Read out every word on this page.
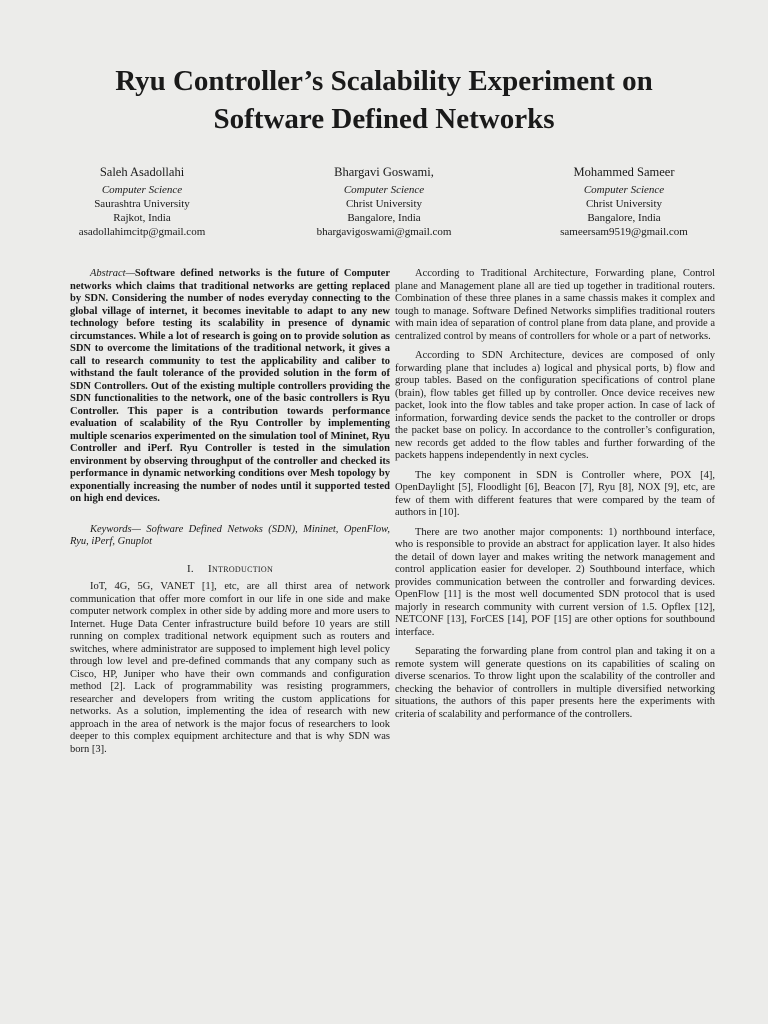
Ryu Controller’s Scalability Experiment on
Software Defined Networks
Saleh Asadollahi
Computer Science
Saurashtra University
Rajkot, India
asadollahimcitp@gmail.com
Bhargavi Goswami,
Computer Science
Christ University
Bangalore, India
bhargavigoswami@gmail.com
Mohammed Sameer
Computer Science
Christ University
Bangalore, India
sameersam9519@gmail.com

Abstract—Software defined networks is the future of Computer networks which claims that traditional networks are getting replaced by SDN. Considering the number of nodes everyday connecting to the global village of internet, it becomes inevitable to adapt to any new technology before testing its scalability in presence of dynamic circumstances. While a lot of research is going on to provide solution as SDN to overcome the limitations of the traditional network, it gives a call to research community to test the applicability and caliber to withstand the fault tolerance of the provided solution in the form of SDN Controllers. Out of the existing multiple controllers providing the SDN functionalities to the network, one of the basic controllers is Ryu Controller. This paper is a contribution towards performance evaluation of scalability of the Ryu Controller by implementing multiple scenarios experimented on the simulation tool of Mininet, Ryu Controller and iPerf. Ryu Controller is tested in the simulation environment by observing throughput of the controller and checked its performance in dynamic networking conditions over Mesh topology by exponentially increasing the number of nodes until it supported tested on high end devices.

Keywords— Software Defined Netwoks (SDN), Mininet, OpenFlow, Ryu, iPerf, Gnuplot

I. Introduction

IoT, 4G, 5G, VANET [1], etc, are all thirst area of network communication that offer more comfort in our life in one side and make computer network complex in other side by adding more and more users to Internet. Huge Data Center infrastructure build before 10 years are still running on complex traditional network equipment such as routers and switches, where administrator are supposed to implement high level policy through low level and pre-defined commands that any company such as Cisco, HP, Juniper who have their own commands and configuration method [2]. Lack of programmability was resisting programmers, researcher and developers from writing the custom applications for networks. As a solution, implementing the idea of research with new approach in the area of network is the major focus of researchers to look deeper to this complex equipment architecture and that is why SDN was born [3].

According to Traditional Architecture, Forwarding plane, Control plane and Management plane all are tied up together in traditional routers. Combination of these three planes in a same chassis makes it complex and tough to manage. Software Defined Networks simplifies traditional routers with main idea of separation of control plane from data plane, and provide a centralized control by means of controllers for whole or a part of networks.

According to SDN Architecture, devices are composed of only forwarding plane that includes a) logical and physical ports, b) flow and group tables. Based on the configuration specifications of control plane (brain), flow tables get filled up by controller. Once device receives new packet, look into the flow tables and take proper action. In case of lack of information, forwarding device sends the packet to the controller or drops the packet base on policy. In accordance to the controller’s configuration, new records get added to the flow tables and further forwarding of the packets happens independently in next cycles.

The key component in SDN is Controller where, POX [4], OpenDaylight [5], Floodlight [6], Beacon [7], Ryu [8], NOX [9], etc, are few of them with different features that were compared by the team of authors in [10].

There are two another major components: 1) northbound interface, who is responsible to provide an abstract for application layer. It also hides the detail of down layer and makes writing the network management and control application easier for developer. 2) Southbound interface, which provides communication between the controller and forwarding devices. OpenFlow [11] is the most well documented SDN protocol that is used majorly in research community with current version of 1.5. Opflex [12], NETCONF [13], ForCES [14], POF [15] are other options for southbound interface.

Separating the forwarding plane from control plan and taking it on a remote system will generate questions on its capabilities of scaling on diverse scenarios. To throw light upon the scalability of the controller and checking the behavior of controllers in multiple diversified networking situations, the authors of this paper presents here the experiments with criteria of scalability and performance of the controllers.
